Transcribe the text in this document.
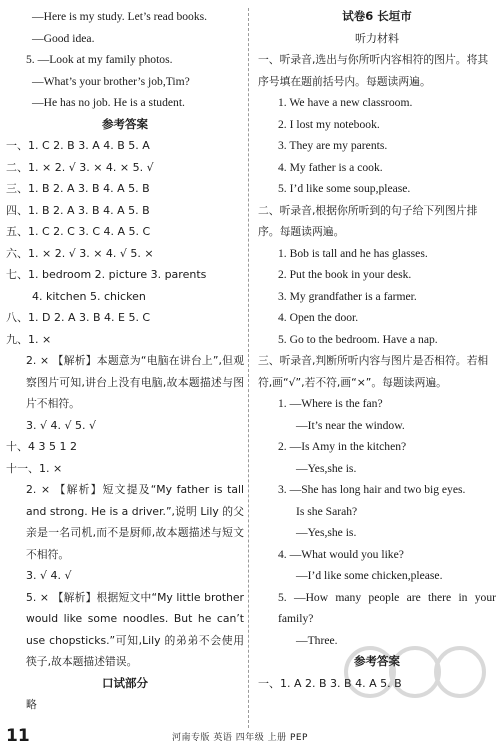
—Here is my study. Let’s read books.
—Good idea.
5. —Look at my family photos.
—What’s your brother’s job,Tim?
—He has no job. He is a student.
参考答案
一、1. C 2. B 3. A 4. B 5. A
二、1. × 2. √ 3. × 4. × 5. √
三、1. B 2. A 3. B 4. A 5. B
四、1. B 2. A 3. B 4. A 5. B
五、1. C 2. C 3. C 4. A 5. C
六、1. × 2. √ 3. × 4. √ 5. ×
七、1. bedroom 2. picture 3. parents
4. kitchen 5. chicken
八、1. D 2. A 3. B 4. E 5. C
九、1. ×
2. × 【解析】本题意为“电脑在讲台上”,但观察图片可知,讲台上没有电脑,故本题描述与图片不相符。
3. √ 4. √ 5. √
十、4 3 5 1 2
十一、1. ×
2. × 【解析】短文提及“My father is tall and strong. He is a driver.”,说明 Lily 的父亲是一名司机,而不是厨师,故本题描述与短文不相符。
3. √ 4. √
5. × 【解析】根据短文中“My little brother would like some noodles. But he can’t use chopsticks.”可知,Lily 的弟弟不会使用筷子,故本题描述错误。
口试部分
略
试卷6 长垣市
听力材料
一、听录音,选出与你所听内容相符的图片。将其序号填在题前括号内。每题读两遍。
1. We have a new classroom.
2. I lost my notebook.
3. They are my parents.
4. My father is a cook.
5. I’d like some soup,please.
二、听录音,根据你所听到的句子给下列图片排序。每题读两遍。
1. Bob is tall and he has glasses.
2. Put the book in your desk.
3. My grandfather is a farmer.
4. Open the door.
5. Go to the bedroom. Have a nap.
三、听录音,判断所听内容与图片是否相符。若相符,画“√”,若不符,画“×”。每题读两遍。
1. —Where is the fan?
—It’s near the window.
2. —Is Amy in the kitchen?
—Yes,she is.
3. —She has long hair and two big eyes.
Is she Sarah?
—Yes,she is.
4. —What would you like?
—I’d like some chicken,please.
5. —How many people are there in your family?
—Three.
参考答案
一、1. A 2. B 3. B 4. A 5. B
11	河南专版 英语 四年级 上册 PEP
